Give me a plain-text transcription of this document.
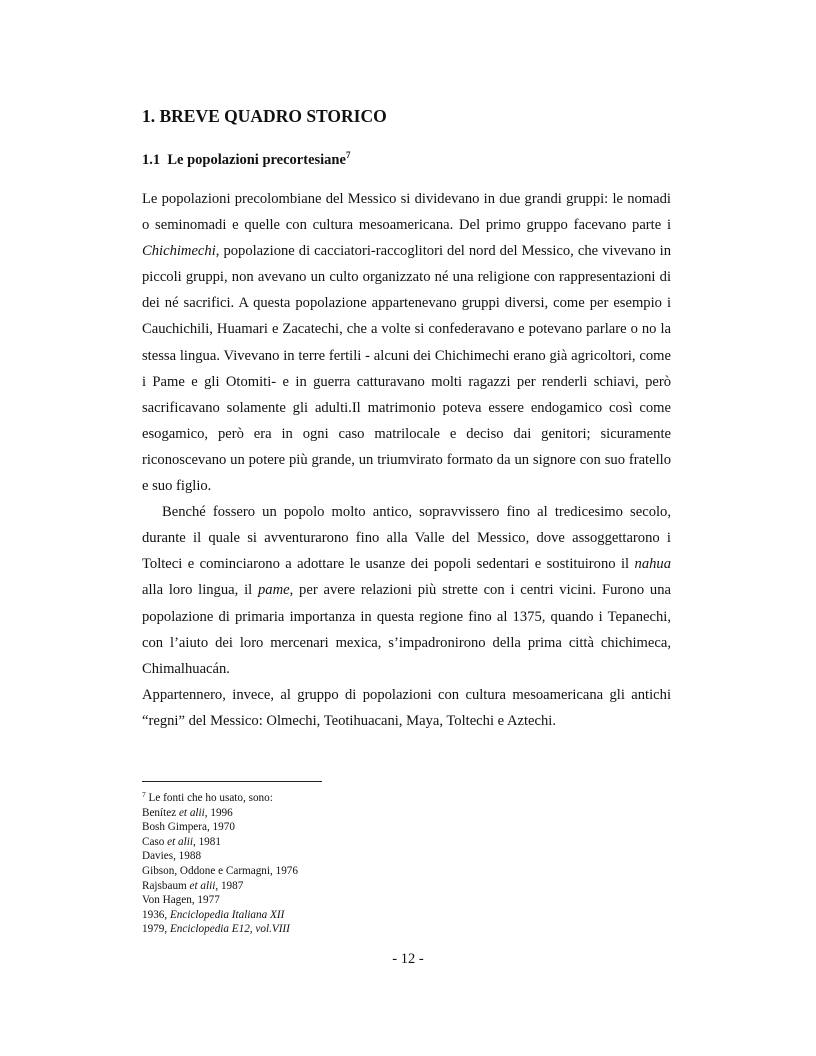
1. BREVE QUADRO STORICO
1.1 Le popolazioni precortesiane$^7$

Le popolazioni precolombiane del Messico si dividevano in due grandi gruppi: le nomadi o seminomadi e quelle con cultura mesoamericana. Del primo gruppo facevano parte i Chichimechi, popolazione di cacciatori-raccoglitori del nord del Messico, che vivevano in piccoli gruppi, non avevano un culto organizzato né una religione con rappresentazioni di dei né sacrifici. A questa popolazione appartenevano gruppi diversi, come per esempio i Cauchichili, Huamari e Zacatechi, che a volte si confederavano e potevano parlare o no la stessa lingua. Vivevano in terre fertili - alcuni dei Chichimechi erano già agricoltori, come i Pame e gli Otomiti- e in guerra catturavano molti ragazzi per renderli schiavi, però sacrificavano solamente gli adulti.Il matrimonio poteva essere endogamico così come esogamico, però era in ogni caso matrilocale e deciso dai genitori; sicuramente riconoscevano un potere più grande, un triumvirato formato da un signore con suo fratello e suo figlio.

Benché fossero un popolo molto antico, sopravvissero fino al tredicesimo secolo, durante il quale si avventurarono fino alla Valle del Messico, dove assoggettarono i Tolteci e cominciarono a adottare le usanze dei popoli sedentari e sostituirono il nahua alla loro lingua, il pame, per avere relazioni più strette con i centri vicini. Furono una popolazione di primaria importanza in questa regione fino al 1375, quando i Tepanechi, con l’aiuto dei loro mercenari mexica, s’impadronirono della prima città chichimeca, Chimalhuacán.

Appartennero, invece, al gruppo di popolazioni con cultura mesoamericana gli antichi “regni” del Messico: Olmechi, Teotihuacani, Maya, Toltechi e Aztechi.

$^7$ Le fonti che ho usato, sono:
Benítez et alii, 1996
Bosh Gimpera, 1970
Caso et alii, 1981
Davies, 1988
Gibson, Oddone e Carmagni, 1976
Rajsbaum et alii, 1987
Von Hagen, 1977
1936, Enciclopedia Italiana XII
1979, Enciclopedia E12, vol.VIII
- 12 -
